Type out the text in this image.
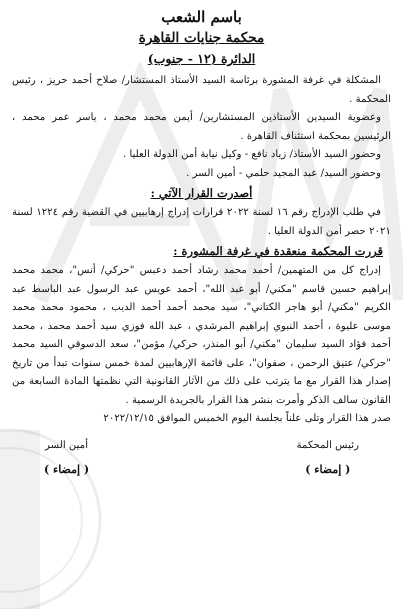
باسم الشعب
محكمة جنايات القاهرة
الدائرة (١٢ - جنوب)
المشكلة في غرفة المشورة برئاسة السيد الأستاذ المستشار/ صلاح أحمد حريز ، رئيس المحكمة .
وعضوية السيدين الأستاذين المستشارين/ أيمن محمد محمد ، ياسر عمر محمد ، الرئيسين بمحكمة استئناف القاهرة .
وحضور السيد الأستاذ/ زياد نافع - وكيل نيابة أمن الدولة العليا .
وحضور السيد/ عبد المجيد حلمي - أمين السر .
أصدرت القرار الآتي :
في طلب الإدراج رقم ١٦ لسنة ٢٠٢٢ قرارات إدراج إرهابيين في القضية رقم ١٢٢٤ لسنة ٢٠٢١ حصر أمن الدولة العليا .
قررت المحكمة منعقدة في غرفة المشورة :
إدراج كل من المتهمين/ أحمد محمد رشاد أحمد دعبس "حركي/ أنس"، محمد محمد إبراهيم حسين قاسم "مكني/ أبو عبد الله"، أحمد عويس عبد الرسول عبد الباسط عبد الكريم "مكني/ أبو هاجر الكتاني"، سيد محمد أحمد أحمد الديب ، محمود محمد محمد موسى عليوة ، أحمد النبوي إبراهيم المرشدي ، عبد الله فوزي سيد أحمد محمد ، محمد أحمد فؤاد السيد سليمان "مكني/ أبو المنذر، حركي/ مؤمن"، سعد الدسوقي السيد محمد "حركي/ عتيق الرحمن ، صفوان"، على قائمة الإرهابيين لمدة خمس سنوات تبدأ من تاريخ إصدار هذا القرار مع ما يترتب على ذلك من الآثار القانونية التي نظمتها المادة السابعة من القانون سالف الذكر وأمرت بنشر هذا القرار بالجريدة الرسمية .
صدر هذا القرار وتلى علناً بجلسة اليوم الخميس الموافق ٢٠٢٢/١٢/١٥
رئيس المحكمة
( إمضاء )
أمين السر
( إمضاء )
